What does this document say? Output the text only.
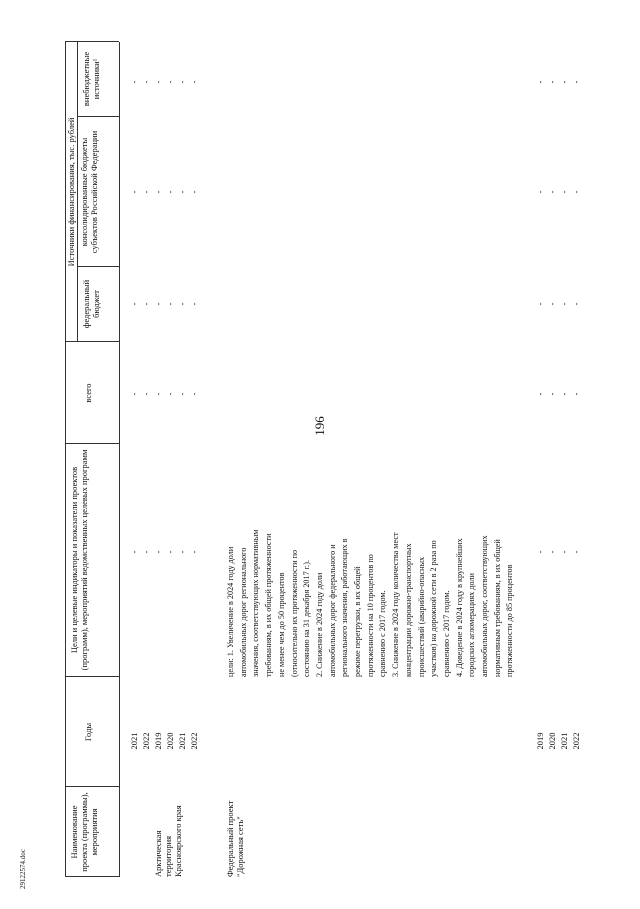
196
29122574.doc
Наименование проекта (программы), мероприятия
Годы
Цели и целевые индикаторы и показатели проектов (программ), мероприятий ведомственных целевых программ
всего
Источники финансирования, тыс. рублей
федеральный бюджет
консолидированные бюджеты субъектов Российской Федерации
внебюджетные источники¹
2021 2022 2019 2020 2021 2022
Арктическая территория Красноярского края
- - - - - -
- - - - - -
- - - - - -
- - - - - -
- - - - - -
Федеральный проект "Дорожная сеть"
цели: 1. Увеличение в 2024 году доли автомобильных дорог регионального значения, соответствующих нормативным требованиям, в их общей протяженности не менее чем до 50 процентов (относительно их протяженности по состоянию на 31 декабря 2017 г.). 2. Снижение в 2024 году доли автомобильных дорог федерального и регионального значения, работающих в режиме перегрузки, в их общей протяженности на 10 процентов по сравнению с 2017 годом. 3. Снижение в 2024 году количества мест концентрации дорожно-транспортных происшествий (аварийно-опасных участков) на дорожной сети в 2 раза по сравнению с 2017 годом. 4. Доведение в 2024 году в крупнейших городских агломерациях доли автомобильных дорог, соответствующих нормативным требованиям, в их общей протяженности до 85 процентов
2019 2020 2021 2022
- - - -
- - - -
- - - -
- - - -
- - - -
